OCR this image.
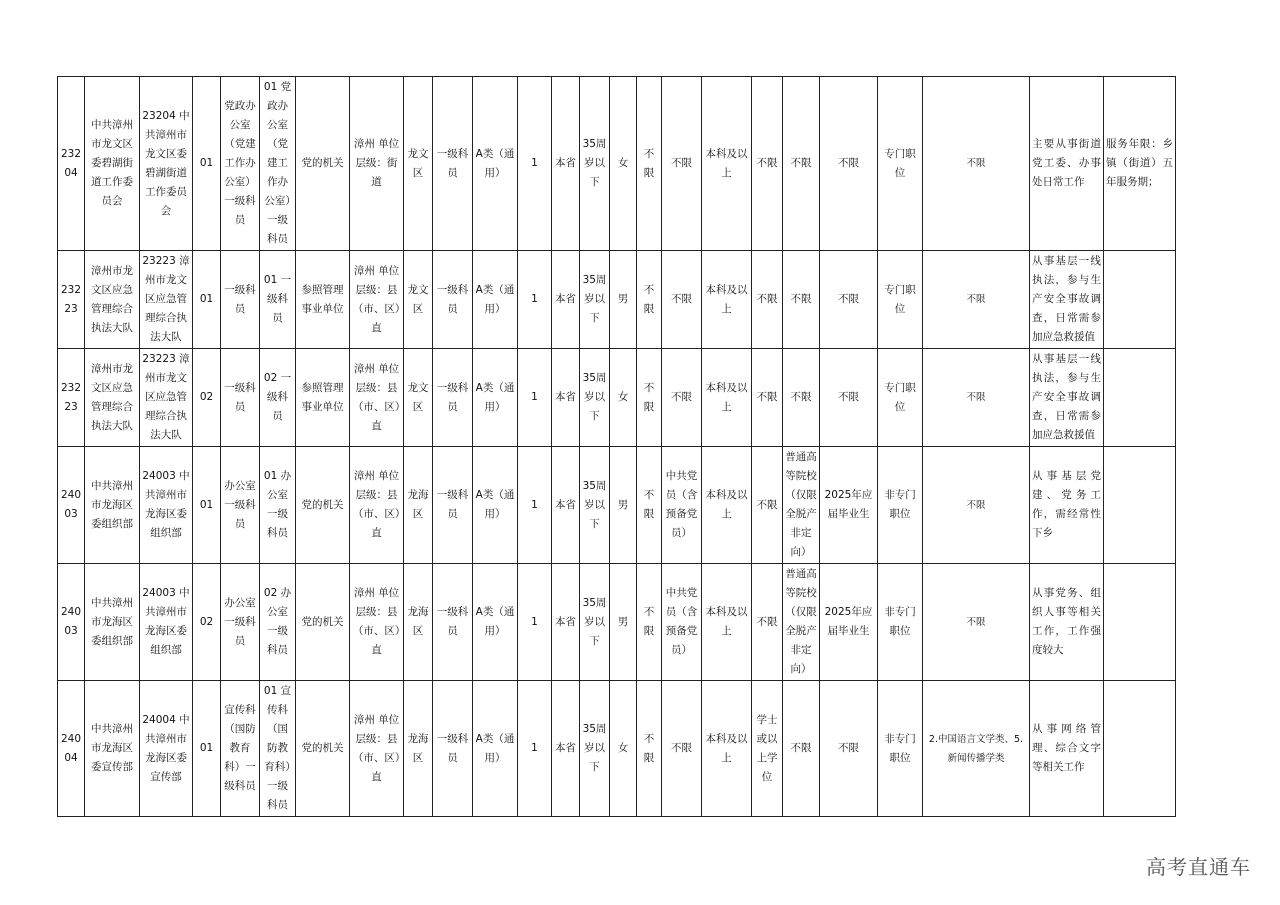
23204	中共漳州市龙文区委碧湖街道工作委员会	23204 中共漳州市龙文区委碧湖街道工作委员会	01	党政办公室（党建工作办公室）一级科员	01 党政办公室（党建工作办公室）一级科员	党的机关	漳州 单位层级：街道	龙文区	一级科员	A类（通用）	1	本省	35周岁以下	女	不限	不限	本科及以上	不限	不限	不限	专门职位	不限	主要从事街道党工委、办事处日常工作	服务年限：乡镇（街道）五年服务期；
23223	漳州市龙文区应急管理综合执法大队	23223 漳州市龙文区应急管理综合执法大队	01	一级科员	01 一级科员	参照管理事业单位	漳州 单位层级：县（市、区）直	龙文区	一级科员	A类（通用）	1	本省	35周岁以下	男	不限	不限	本科及以上	不限	不限	不限	专门职位	不限	从事基层一线执法，参与生产安全事故调查，日常需参加应急救援值	
23223	漳州市龙文区应急管理综合执法大队	23223 漳州市龙文区应急管理综合执法大队	02	一级科员	02 一级科员	参照管理事业单位	漳州 单位层级：县（市、区）直	龙文区	一级科员	A类（通用）	1	本省	35周岁以下	女	不限	不限	本科及以上	不限	不限	不限	专门职位	不限	从事基层一线执法，参与生产安全事故调查，日常需参加应急救援值	
24003	中共漳州市龙海区委组织部	24003 中共漳州市龙海区委组织部	01	办公室一级科员	01 办公室一级科员	党的机关	漳州 单位层级：县（市、区）直	龙海区	一级科员	A类（通用）	1	本省	35周岁以下	男	不限	中共党员（含预备党员）	本科及以上	不限	普通高等院校（仅限全脱产非定向）	2025年应届毕业生	非专门职位	不限	从事基层党建、党务工作，需经常性下乡	
24003	中共漳州市龙海区委组织部	24003 中共漳州市龙海区委组织部	02	办公室一级科员	02 办公室一级科员	党的机关	漳州 单位层级：县（市、区）直	龙海区	一级科员	A类（通用）	1	本省	35周岁以下	男	不限	中共党员（含预备党员）	本科及以上	不限	普通高等院校（仅限全脱产非定向）	2025年应届毕业生	非专门职位	不限	从事党务、组织人事等相关工作，工作强度较大	
24004	中共漳州市龙海区委宣传部	24004 中共漳州市龙海区委宣传部	01	宣传科（国防教育科）一级科员	01 宣传科（国防教育科）一级科员	党的机关	漳州 单位层级：县（市、区）直	龙海区	一级科员	A类（通用）	1	本省	35周岁以下	女	不限	不限	本科及以上	学士或以上学位	不限	不限	非专门职位	2.中国语言文学类、5.新闻传播学类	从事网络管理、综合文字等相关工作	
高考直通车
